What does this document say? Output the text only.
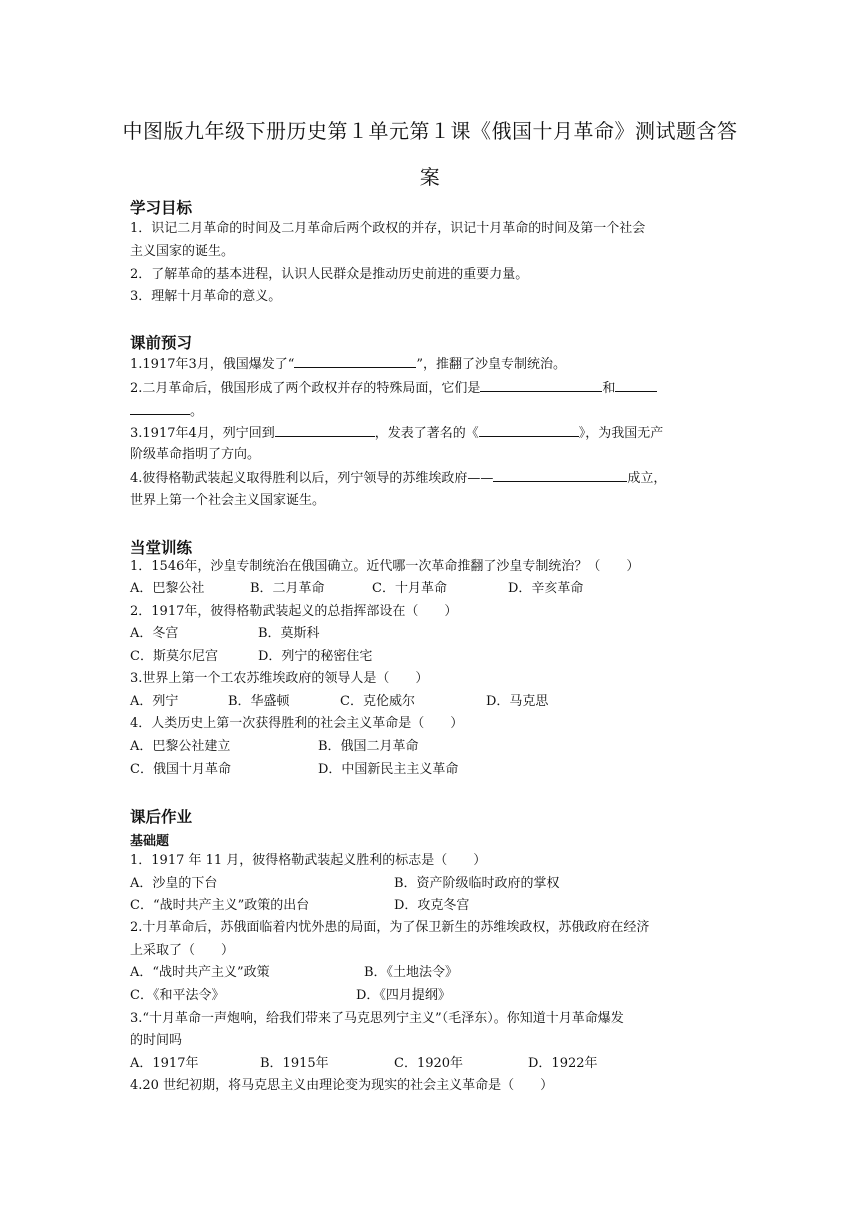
中图版九年级下册历史第１单元第１课《俄国十月革命》测试题含答
案
学习目标
1．识记二月革命的时间及二月革命后两个政权的并存，识记十月革命的时间及第一个社会
主义国家的诞生。
2．了解革命的基本进程，认识人民群众是推动历史前进的重要力量。
3．理解十月革命的意义。
课前预习
1.1917年3月，俄国爆发了“	”，推翻了沙皇专制统治。
2.二月革命后，俄国形成了两个政权并存的特殊局面，它们是	和
。
3.1917年4月，列宁回到	，发表了著名的《	》，为我国无产
阶级革命指明了方向。
4.彼得格勒武装起义取得胜利以后，列宁领导的苏维埃政府——	成立，
世界上第一个社会主义国家诞生。
当堂训练
1．1546年，沙皇专制统治在俄国确立。近代哪一次革命推翻了沙皇专制统治？（　　）
A．巴黎公社	B．二月革命	C．十月革命	D．辛亥革命
2．1917年，彼得格勒武装起义的总指挥部设在（　　）
A．冬宫	B．莫斯科
C．斯莫尔尼宫	D．列宁的秘密住宅
3.世界上第一个工农苏维埃政府的领导人是（　　）
A．列宁	B．华盛顿	C．克伦威尔	D．马克思
4．人类历史上第一次获得胜利的社会主义革命是（　　）
A．巴黎公社建立	B．俄国二月革命
C．俄国十月革命	D．中国新民主主义革命
课后作业
基础题
1．1917 年 11 月，彼得格勒武装起义胜利的标志是（　　）
A．沙皇的下台	B．资产阶级临时政府的掌权
C．“战时共产主义”政策的出台	D．攻克冬宫
2.十月革命后，苏俄面临着内忧外患的局面，为了保卫新生的苏维埃政权，苏俄政府在经济
上采取了（　　）
A．“战时共产主义”政策	B．《土地法令》
C．《和平法令》	D．《四月提纲》
3.“十月革命一声炮响，给我们带来了马克思列宁主义”（毛泽东）。你知道十月革命爆发
的时间吗
A．1917年	B．1915年	C．1920年	D．1922年
4.20 世纪初期，将马克思主义由理论变为现实的社会主义革命是（　　）
